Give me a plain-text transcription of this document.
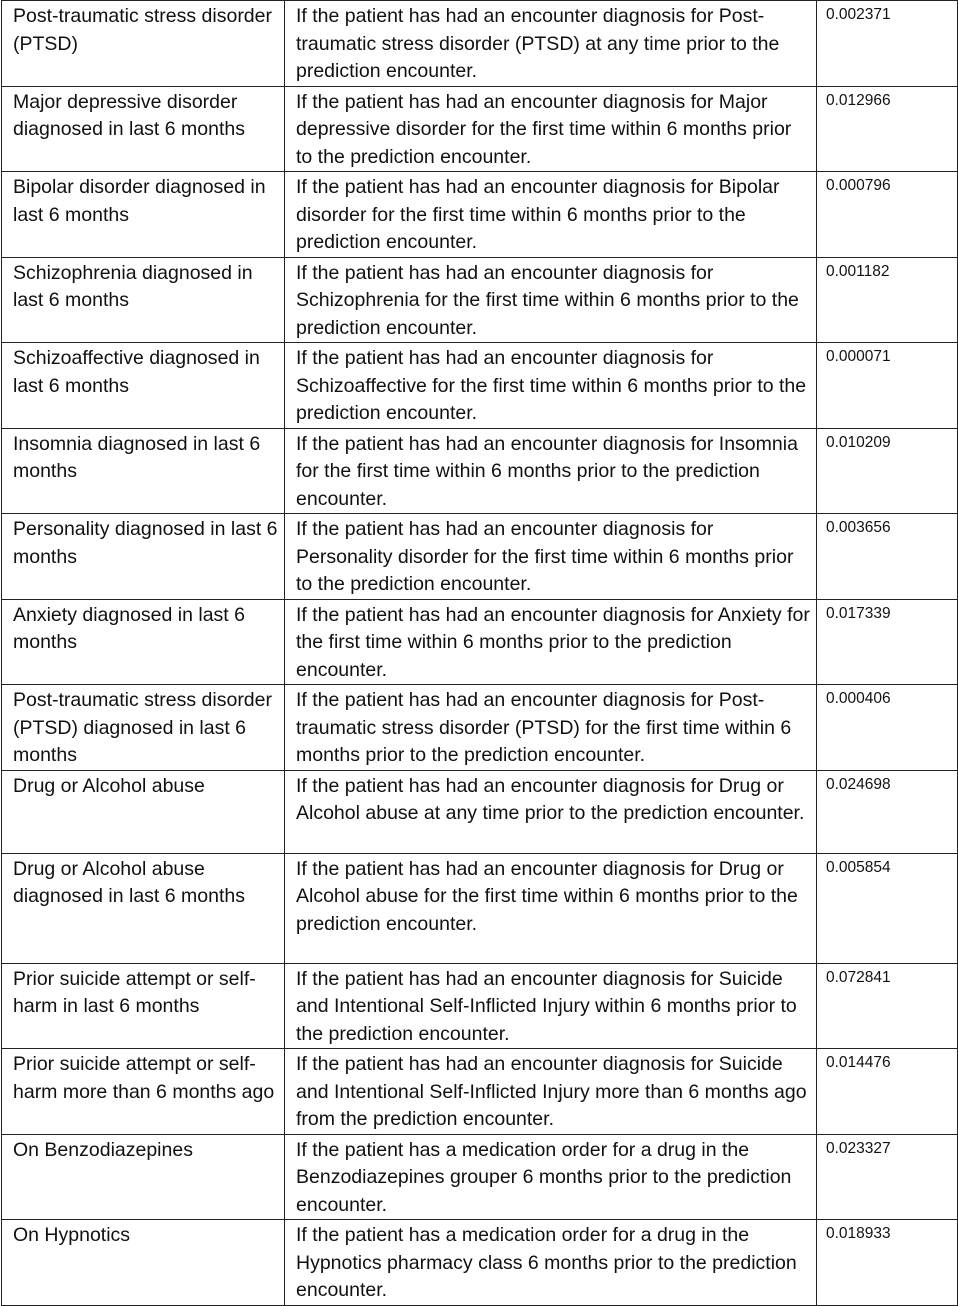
Post-traumatic stress disorder (PTSD)	If the patient has had an encounter diagnosis for Post-traumatic stress disorder (PTSD) at any time prior to the prediction encounter.	0.002371
Major depressive disorder diagnosed in last 6 months	If the patient has had an encounter diagnosis for Major depressive disorder for the first time within 6 months prior to the prediction encounter.	0.012966
Bipolar disorder diagnosed in last 6 months	If the patient has had an encounter diagnosis for Bipolar disorder for the first time within 6 months prior to the prediction encounter.	0.000796
Schizophrenia diagnosed in last 6 months	If the patient has had an encounter diagnosis for Schizophrenia for the first time within 6 months prior to the prediction encounter.	0.001182
Schizoaffective diagnosed in last 6 months	If the patient has had an encounter diagnosis for Schizoaffective for the first time within 6 months prior to the prediction encounter.	0.000071
Insomnia diagnosed in last 6 months	If the patient has had an encounter diagnosis for Insomnia for the first time within 6 months prior to the prediction encounter.	0.010209
Personality diagnosed in last 6 months	If the patient has had an encounter diagnosis for Personality disorder for the first time within 6 months prior to the prediction encounter.	0.003656
Anxiety diagnosed in last 6 months	If the patient has had an encounter diagnosis for Anxiety for the first time within 6 months prior to the prediction encounter.	0.017339
Post-traumatic stress disorder (PTSD) diagnosed in last 6 months	If the patient has had an encounter diagnosis for Post-traumatic stress disorder (PTSD) for the first time within 6 months prior to the prediction encounter.	0.000406
Drug or Alcohol abuse	If the patient has had an encounter diagnosis for Drug or Alcohol abuse at any time prior to the prediction encounter.	0.024698
Drug or Alcohol abuse diagnosed in last 6 months	If the patient has had an encounter diagnosis for Drug or Alcohol abuse for the first time within 6 months prior to the prediction encounter.	0.005854
Prior suicide attempt or self-harm in last 6 months	If the patient has had an encounter diagnosis for Suicide and Intentional Self-Inflicted Injury within 6 months prior to the prediction encounter.	0.072841
Prior suicide attempt or self-harm more than 6 months ago	If the patient has had an encounter diagnosis for Suicide and Intentional Self-Inflicted Injury more than 6 months ago from the prediction encounter.	0.014476
On Benzodiazepines	If the patient has a medication order for a drug in the Benzodiazepines grouper 6 months prior to the prediction encounter.	0.023327
On Hypnotics	If the patient has a medication order for a drug in the Hypnotics pharmacy class 6 months prior to the prediction encounter.	0.018933
